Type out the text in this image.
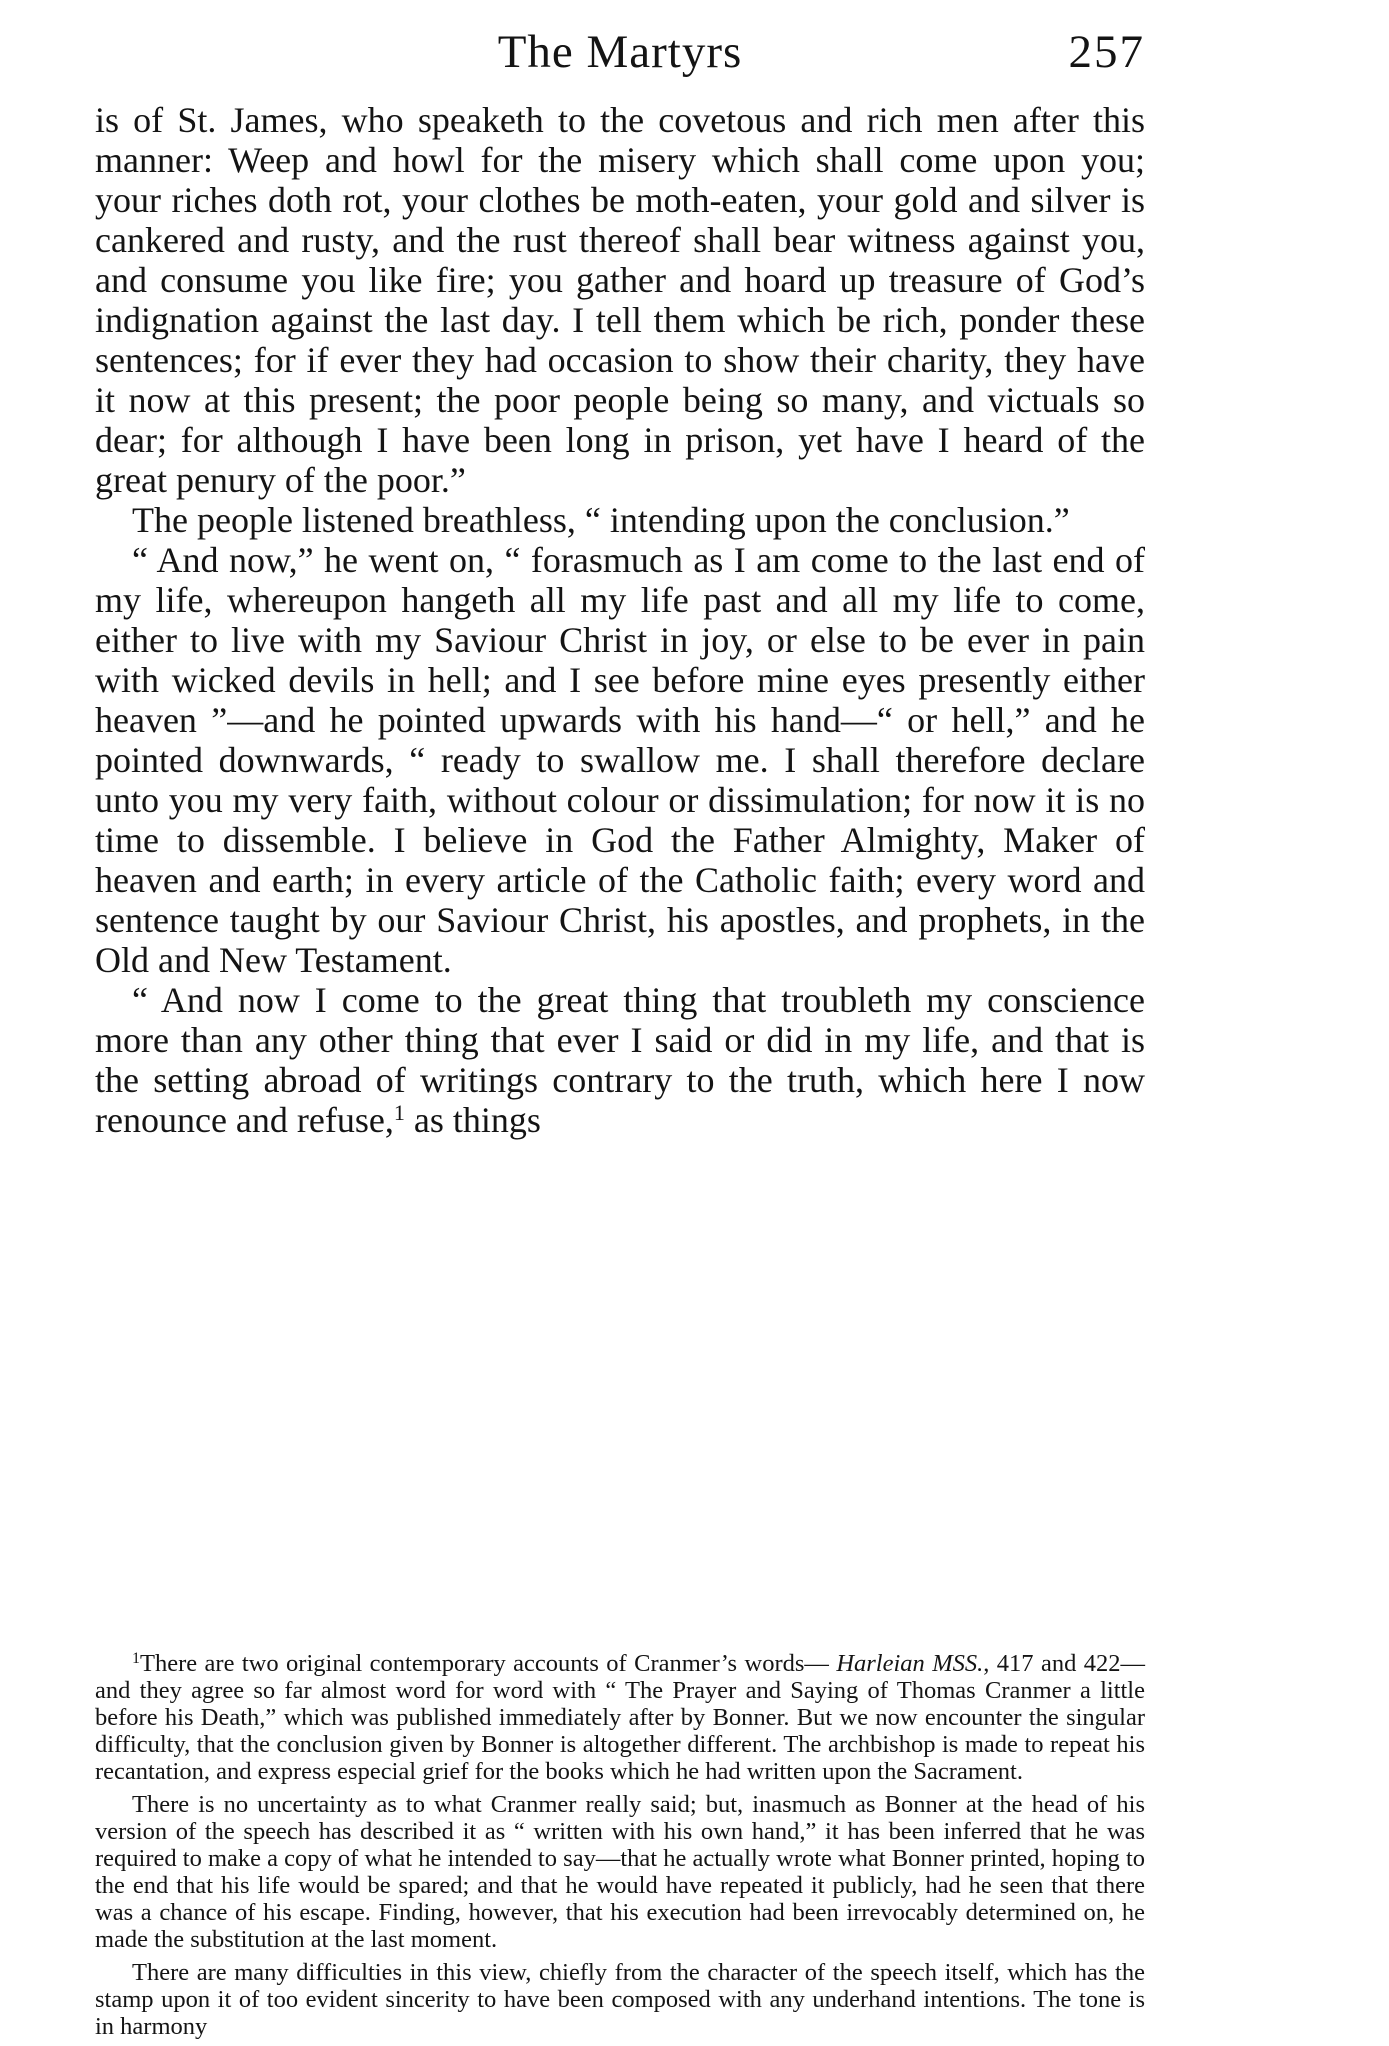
The Martyrs	257

is of St. James, who speaketh to the covetous and rich men after this manner: Weep and howl for the misery which shall come upon you; your riches doth rot, your clothes be moth-eaten, your gold and silver is cankered and rusty, and the rust thereof shall bear witness against you, and consume you like fire; you gather and hoard up treasure of God’s indignation against the last day. I tell them which be rich, ponder these sentences; for if ever they had occasion to show their charity, they have it now at this present; the poor people being so many, and victuals so dear; for although I have been long in prison, yet have I heard of the great penury of the poor.”

The people listened breathless, “ intending upon the conclusion.”

“ And now,” he went on, “ forasmuch as I am come to the last end of my life, whereupon hangeth all my life past and all my life to come, either to live with my Saviour Christ in joy, or else to be ever in pain with wicked devils in hell; and I see before mine eyes presently either heaven ”—and he pointed upwards with his hand—“ or hell,” and he pointed downwards, “ ready to swallow me. I shall therefore declare unto you my very faith, without colour or dissimulation; for now it is no time to dissemble. I believe in God the Father Almighty, Maker of heaven and earth; in every article of the Catholic faith; every word and sentence taught by our Saviour Christ, his apostles, and prophets, in the Old and New Testament.

“ And now I come to the great thing that troubleth my conscience more than any other thing that ever I said or did in my life, and that is the setting abroad of writings contrary to the truth, which here I now renounce and refuse,$^1$ as things

$^1$There are two original contemporary accounts of Cranmer’s words— Harleian MSS., 417 and 422—and they agree so far almost word for word with “ The Prayer and Saying of Thomas Cranmer a little before his Death,” which was published immediately after by Bonner. But we now encounter the singular difficulty, that the conclusion given by Bonner is altogether different. The archbishop is made to repeat his recantation, and express especial grief for the books which he had written upon the Sacrament.

There is no uncertainty as to what Cranmer really said; but, inasmuch as Bonner at the head of his version of the speech has described it as “ written with his own hand,” it has been inferred that he was required to make a copy of what he intended to say—that he actually wrote what Bonner printed, hoping to the end that his life would be spared; and that he would have repeated it publicly, had he seen that there was a chance of his escape. Finding, however, that his execution had been irrevocably determined on, he made the substitution at the last moment.

There are many difficulties in this view, chiefly from the character of the speech itself, which has the stamp upon it of too evident sincerity to have been composed with any underhand intentions. The tone is in harmony
